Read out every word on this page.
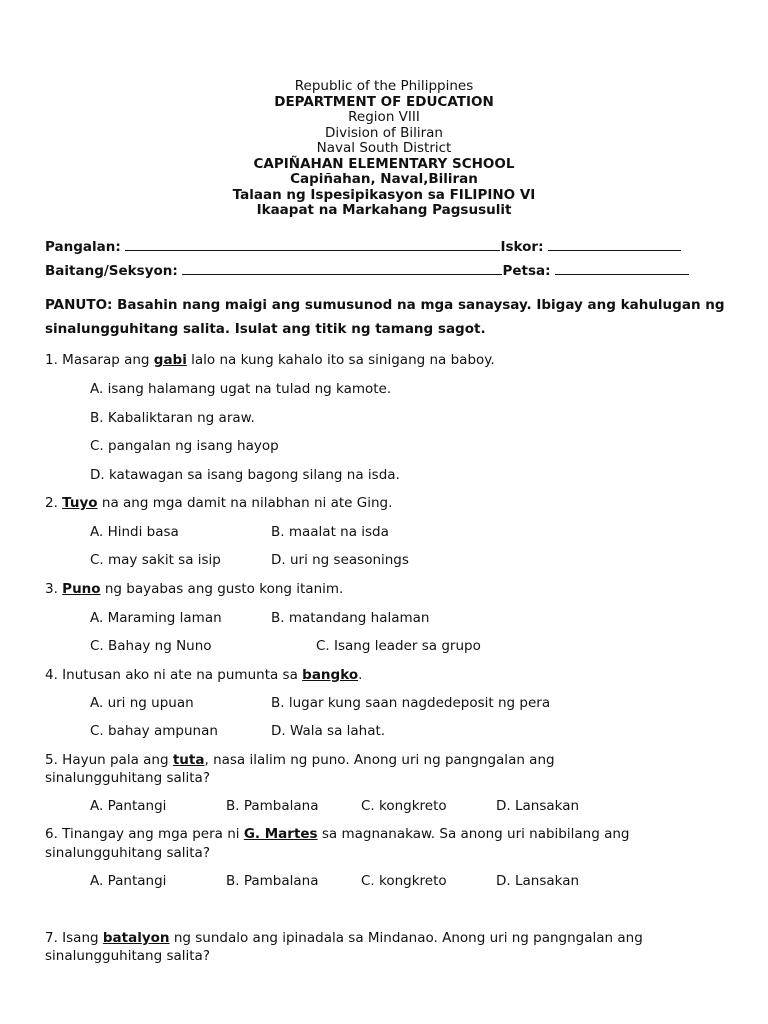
Republic of the Philippines
DEPARTMENT OF EDUCATION
Region VIII
Division of Biliran
Naval South District
CAPIÑAHAN ELEMENTARY SCHOOL
Capiñahan, Naval,Biliran
Talaan ng Ispesipikasyon sa FILIPINO VI
Ikaapat na Markahang Pagsusulit
Pangalan:	Iskor:
Baitang/Seksyon:	Petsa:
PANUTO: Basahin nang maigi ang sumusunod na mga sanaysay. Ibigay ang kahulugan ng sinalungguhitang salita. Isulat ang titik ng tamang sagot.
1. Masarap ang gabi lalo na kung kahalo ito sa sinigang na baboy.
A. isang halamang ugat na tulad ng kamote.
B. Kabaliktaran ng araw.
C. pangalan ng isang hayop
D. katawagan sa isang bagong silang na isda.
2. Tuyo na ang mga damit na nilabhan ni ate Ging.
A. Hindi basa	B. maalat na isda
C. may sakit sa isip	D. uri ng seasonings
3. Puno ng bayabas ang gusto kong itanim.
A. Maraming laman	B. matandang halaman
C. Bahay ng Nuno	C. Isang leader sa grupo
4. Inutusan ako ni ate na pumunta sa bangko.
A. uri ng upuan	B. lugar kung saan nagdedeposit ng pera
C. bahay ampunan	D. Wala sa lahat.
5. Hayun pala ang tuta, nasa ilalim ng puno. Anong uri ng pangngalan ang
sinalungguhitang salita?
A. Pantangi	B. Pambalana	C. kongkreto	D. Lansakan
6. Tinangay ang mga pera ni G. Martes sa magnanakaw. Sa anong uri nabibilang ang
sinalungguhitang salita?
A. Pantangi	B. Pambalana	C. kongkreto	D. Lansakan
7. Isang batalyon ng sundalo ang ipinadala sa Mindanao. Anong uri ng pangngalan ang
sinalungguhitang salita?
